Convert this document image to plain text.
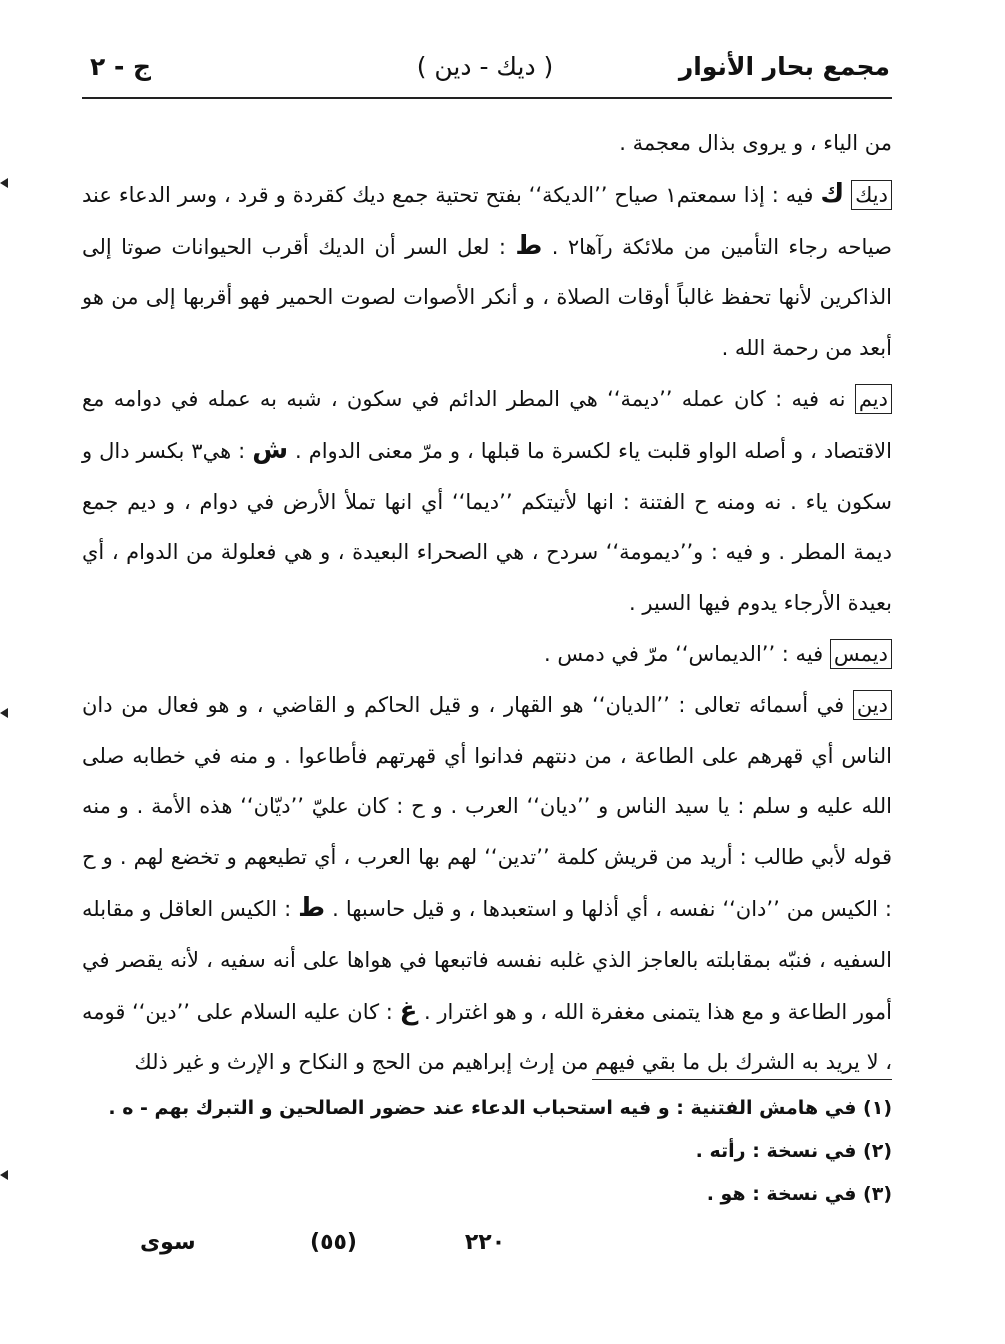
مجمع بحار الأنوار
( ديك - دين )
ج - ٢

من الياء ، و يروى بذال معجمة .

ديك ك فيه : إذا سمعتم۱ صياح ’’الديكة‘‘ بفتح تحتية جمع ديك كقردة و قرد ، وسر الدعاء عند صياحه رجاء التأمين من ملائكة رآها۲ . ط : لعل السر أن الديك أقرب الحيوانات صوتا إلى الذاكرين لأنها تحفظ غالباً أوقات الصلاة ، و أنكر الأصوات لصوت الحمير فهو أقربها إلى من هو أبعد من رحمة الله .

ديم نه فيه : كان عمله ’’ديمة‘‘ هي المطر الدائم في سكون ، شبه به عمله في دوامه مع الاقتصاد ، و أصله الواو قلبت ياء لكسرة ما قبلها ، و مرّ معنى الدوام . ش : هي۳ بكسر دال و سكون ياء . نه ومنه ح الفتنة : انها لأتيتكم ’’ديما‘‘ أي انها تملأ الأرض في دوام ، و ديم جمع ديمة المطر . و فيه : و’’ديمومة‘‘ سردح ، هي الصحراء البعيدة ، و هي فعلولة من الدوام ، أي بعيدة الأرجاء يدوم فيها السير .

ديمس فيه : ’’الديماس‘‘ مرّ في دمس .

دين في أسمائه تعالى : ’’الديان‘‘ هو القهار ، و قيل الحاكم و القاضي ، و هو فعال من دان الناس أي قهرهم على الطاعة ، من دنتهم فدانوا أي قهرتهم فأطاعوا . و منه في خطابه صلى الله عليه و سلم : يا سيد الناس و ’’ديان‘‘ العرب . و ح : كان عليّ ’’ديّان‘‘ هذه الأمة . و منه قوله لأبي طالب : أريد من قريش كلمة ’’تدين‘‘ لهم بها العرب ، أي تطيعهم و تخضع لهم . و ح : الكيس من ’’دان‘‘ نفسه ، أي أذلها و استعبدها ، و قيل حاسبها . ط : الكيس العاقل و مقابله السفيه ، فنبّه بمقابلته بالعاجز الذي غلبه نفسه فاتبعها في هواها على أنه سفيه ، لأنه يقصر في أمور الطاعة و مع هذا يتمنى مغفرة الله ، و هو اغترار . غ : كان عليه السلام على ’’دين‘‘ قومه ، لا يريد به الشرك بل ما بقي فيهم من إرث إبراهيم من الحج و النكاح و الإرث و غير ذلك

(١) في هامش الفتنية : و فيه استحباب الدعاء عند حضور الصالحين و التبرك بهم - ه .

(٢) في نسخة : رأته .

(٣) في نسخة : هو .

سوى	(٥٥)	٢٢٠
